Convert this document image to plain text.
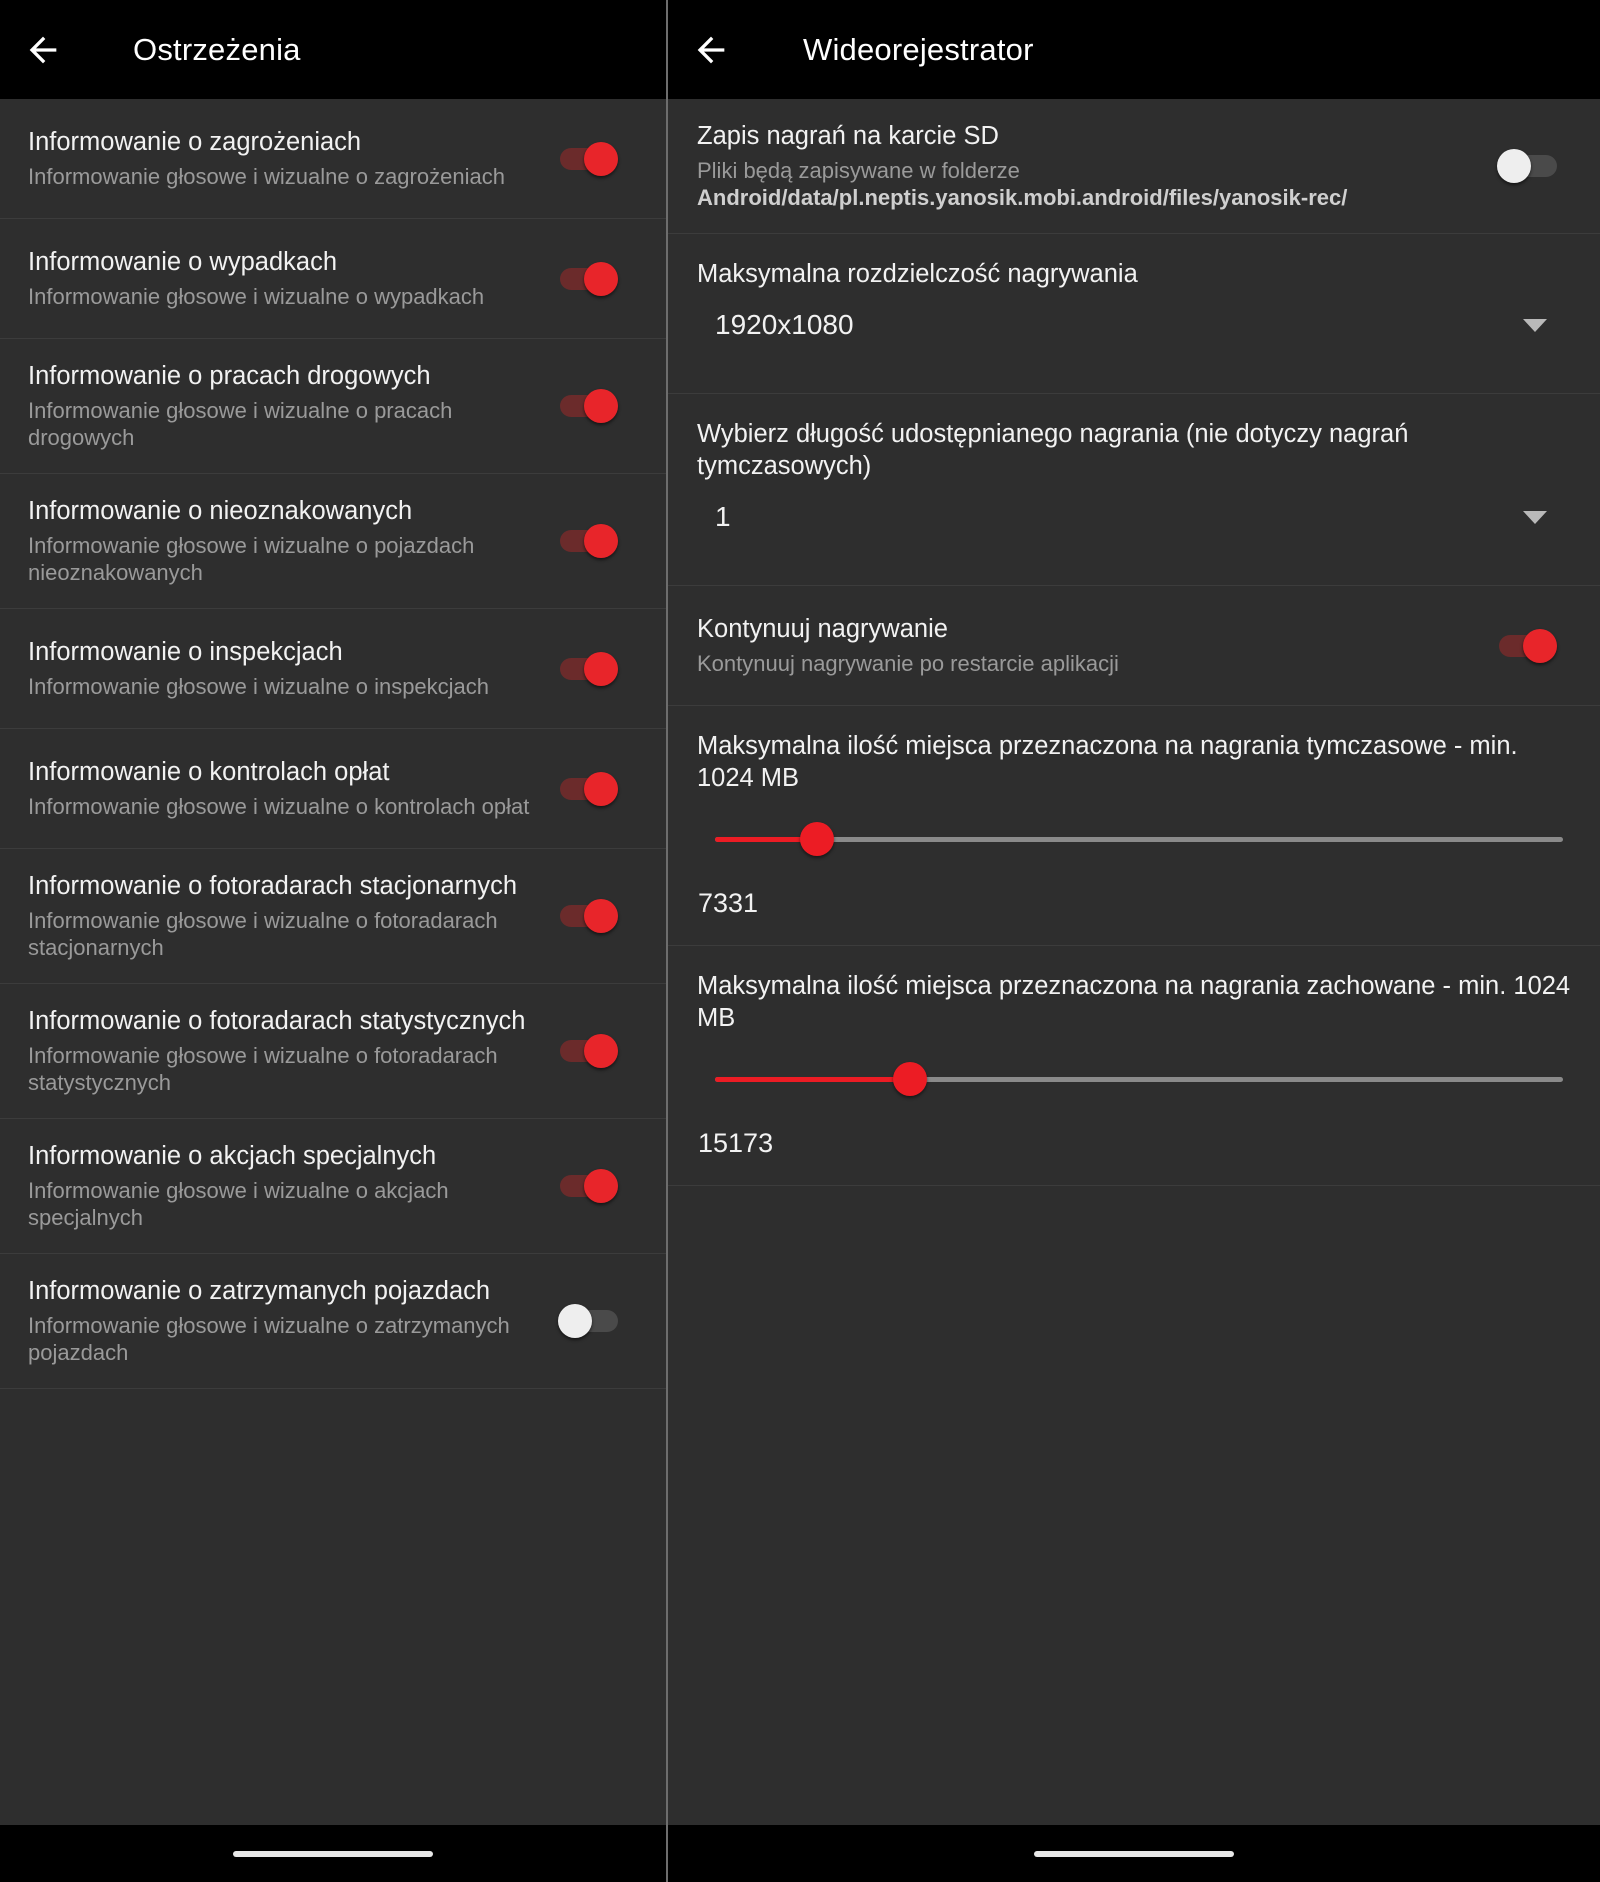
Ostrzeżenia
Informowanie o zagrożeniach
Informowanie głosowe i wizualne o zagrożeniach
Informowanie o wypadkach
Informowanie głosowe i wizualne o wypadkach
Informowanie o pracach drogowych
Informowanie głosowe i wizualne o pracach drogowych
Informowanie o nieoznakowanych
Informowanie głosowe i wizualne o pojazdach nieoznakowanych
Informowanie o inspekcjach
Informowanie głosowe i wizualne o inspekcjach
Informowanie o kontrolach opłat
Informowanie głosowe i wizualne o kontrolach opłat
Informowanie o fotoradarach stacjonarnych
Informowanie głosowe i wizualne o fotoradarach stacjonarnych
Informowanie o fotoradarach statystycznych
Informowanie głosowe i wizualne o fotoradarach statystycznych
Informowanie o akcjach specjalnych
Informowanie głosowe i wizualne o akcjach specjalnych
Informowanie o zatrzymanych pojazdach
Informowanie głosowe i wizualne o zatrzymanych pojazdach
Wideorejestrator
Zapis nagrań na karcie SD
Pliki będą zapisywane w folderze Android/data/pl.neptis.yanosik.mobi.android/files/yanosik-rec/
Maksymalna rozdzielczość nagrywania
1920x1080
Wybierz długość udostępnianego nagrania (nie dotyczy nagrań tymczasowych)
1
Kontynuuj nagrywanie
Kontynuuj nagrywanie po restarcie aplikacji
Maksymalna ilość miejsca przeznaczona na nagrania tymczasowe - min. 1024 MB
7331
Maksymalna ilość miejsca przeznaczona na nagrania zachowane - min. 1024 MB
15173
